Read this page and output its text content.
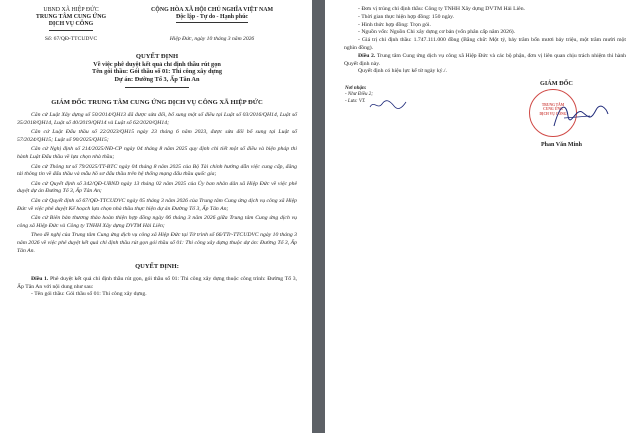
UBND XÃ HIỆP ĐỨC
TRUNG TÂM CUNG ỨNG
DỊCH VỤ CÔNG
CỘNG HÒA XÃ HỘI CHỦ NGHĨA VIỆT NAM
Độc lập - Tự do - Hạnh phúc
Số: 67/QĐ-TTCUDVC	Hiệp Đức, ngày 10 tháng 3 năm 2026
QUYẾT ĐỊNH
Về việc phê duyệt kết quả chỉ định thầu rút gọn
Tên gói thầu: Gói thầu số 01: Thi công xây dựng
Dự án: Đường Tổ 3, Ấp Tân An
GIÁM ĐỐC TRUNG TÂM CUNG ỨNG DỊCH VỤ CÔNG XÃ HIỆP ĐỨC

Căn cứ Luật Xây dựng số 50/2014/QH13 đã được sửa đổi, bổ sung một số điều tại Luật số 03/2016/QH14, Luật số 35/2018/QH14, Luật số 40/2019/QH14 và Luật số 62/2020/QH14;

Căn cứ Luật Đấu thầu số 22/2023/QH15 ngày 23 tháng 6 năm 2023, được sửa đổi bổ sung tại Luật số 57/2024/QH15; Luật số 90/2025/QH15;

Căn cứ Nghị định số 214/2025/NĐ-CP ngày 04 tháng 8 năm 2025 quy định chi tiết một số điều và biện pháp thi hành Luật Đấu thầu về lựa chọn nhà thầu;

Căn cứ Thông tư số 79/2025/TT-BTC ngày 04 tháng 8 năm 2025 của Bộ Tài chính hướng dẫn việc cung cấp, đăng tải thông tin về đấu thầu và mẫu hồ sơ đấu thầu trên hệ thống mạng đấu thầu quốc gia;

Căn cứ Quyết định số 342/QĐ-UBND ngày 13 tháng 02 năm 2025 của Ủy ban nhân dân xã Hiệp Đức về việc phê duyệt dự án Đường Tổ 3, Ấp Tân An;

Căn cứ Quyết định số 67/QĐ-TTCUDVC ngày 05 tháng 3 năm 2026 của Trung tâm Cung ứng dịch vụ công xã Hiệp Đức về việc phê duyệt Kế hoạch lựa chọn nhà thầu thực hiện dự án Đường Tổ 3, Ấp Tân An;

Căn cứ Biên bản thương thảo hoàn thiện hợp đồng ngày 06 tháng 3 năm 2026 giữa Trung tâm Cung ứng dịch vụ công xã Hiệp Đức và Công ty TNHH Xây dựng DVTM Hải Liên;

Theo đề nghị của Trung tâm Cung ứng dịch vụ công xã Hiệp Đức tại Tờ trình số 66/TTr-TTCUDVC ngày 10 tháng 3 năm 2026 về việc phê duyệt kết quả chỉ định thầu rút gọn gói thầu số 01: Thi công xây dựng thuộc dự án: Đường Tổ 3, Ấp Tân An.

QUYẾT ĐỊNH:

Điều 1. Phê duyệt kết quả chỉ định thầu rút gọn, gói thầu số 01: Thi công xây dựng thuộc công trình: Đường Tổ 3, Ấp Tân An với nội dung như sau:

- Tên gói thầu: Gói thầu số 01: Thi công xây dựng.

- Đơn vị trúng chỉ định thầu: Công ty TNHH Xây dựng DVTM Hải Liên.

- Thời gian thực hiện hợp đồng: 150 ngày.

- Hình thức hợp đồng: Trọn gói.

- Nguồn vốn: Nguồn Chi xây dựng cơ bản (vốn phân cấp năm 2026).

- Giá trị chỉ định thầu: 1.747.111.000 đồng (Bằng chữ: Một tỷ, bảy trăm bốn mươi bảy triệu, một trăm mười một nghìn đồng).

Điều 2. Trung tâm Cung ứng dịch vụ công xã Hiệp Đức và các bộ phận, đơn vị liên quan chịu trách nhiệm thi hành Quyết định này.

Quyết định có hiệu lực kể từ ngày ký./.

Nơi nhận:
- Như Điều 2;
- Lưu: VT.
GIÁM ĐỐC
TRUNG TÂM
CUNG ỨNG
DỊCH VỤ CÔNG
Phan Văn Minh
